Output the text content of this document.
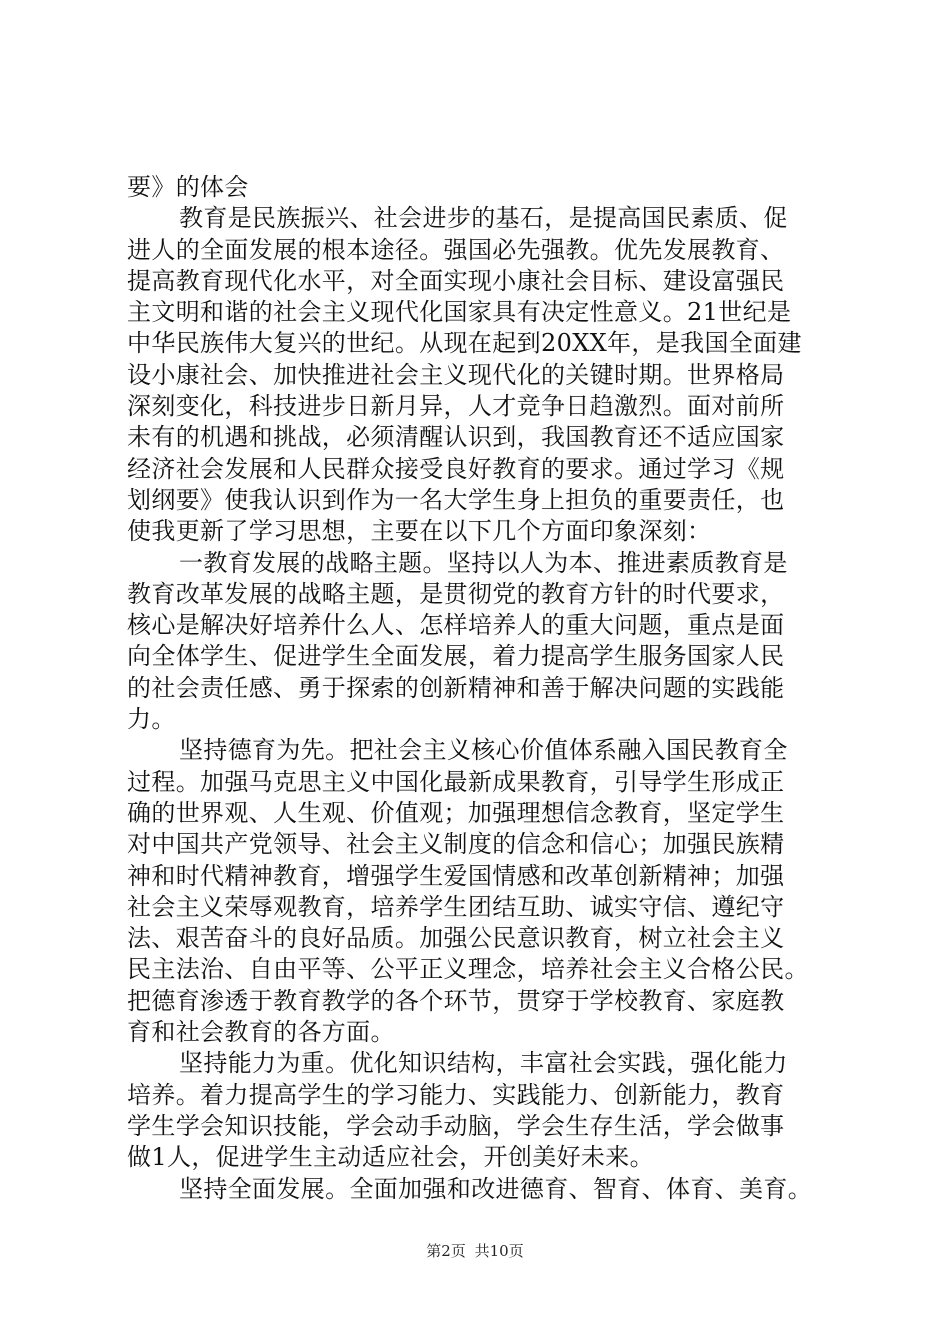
要》的体会
教育是民族振兴、社会进步的基石，是提高国民素质、促
进人的全面发展的根本途径。强国必先强教。优先发展教育、
提高教育现代化水平，对全面实现小康社会目标、建设富强民
主文明和谐的社会主义现代化国家具有决定性意义。21世纪是
中华民族伟大复兴的世纪。从现在起到20XX年，是我国全面建
设小康社会、加快推进社会主义现代化的关键时期。世界格局
深刻变化，科技进步日新月异，人才竞争日趋激烈。面对前所
未有的机遇和挑战，必须清醒认识到，我国教育还不适应国家
经济社会发展和人民群众接受良好教育的要求。通过学习《规
划纲要》使我认识到作为一名大学生身上担负的重要责任，也
使我更新了学习思想，主要在以下几个方面印象深刻：
一教育发展的战略主题。坚持以人为本、推进素质教育是
教育改革发展的战略主题，是贯彻党的教育方针的时代要求，
核心是解决好培养什么人、怎样培养人的重大问题，重点是面
向全体学生、促进学生全面发展，着力提高学生服务国家人民
的社会责任感、勇于探索的创新精神和善于解决问题的实践能
力。
坚持德育为先。把社会主义核心价值体系融入国民教育全
过程。加强马克思主义中国化最新成果教育，引导学生形成正
确的世界观、人生观、价值观；加强理想信念教育，坚定学生
对中国共产党领导、社会主义制度的信念和信心；加强民族精
神和时代精神教育，增强学生爱国情感和改革创新精神；加强
社会主义荣辱观教育，培养学生团结互助、诚实守信、遵纪守
法、艰苦奋斗的良好品质。加强公民意识教育，树立社会主义
民主法治、自由平等、公平正义理念，培养社会主义合格公民。
把德育渗透于教育教学的各个环节，贯穿于学校教育、家庭教
育和社会教育的各方面。
坚持能力为重。优化知识结构，丰富社会实践，强化能力
培养。着力提高学生的学习能力、实践能力、创新能力，教育
学生学会知识技能，学会动手动脑，学会生存生活，学会做事
做1人，促进学生主动适应社会，开创美好未来。
坚持全面发展。全面加强和改进德育、智育、体育、美育。
第2页 共10页
